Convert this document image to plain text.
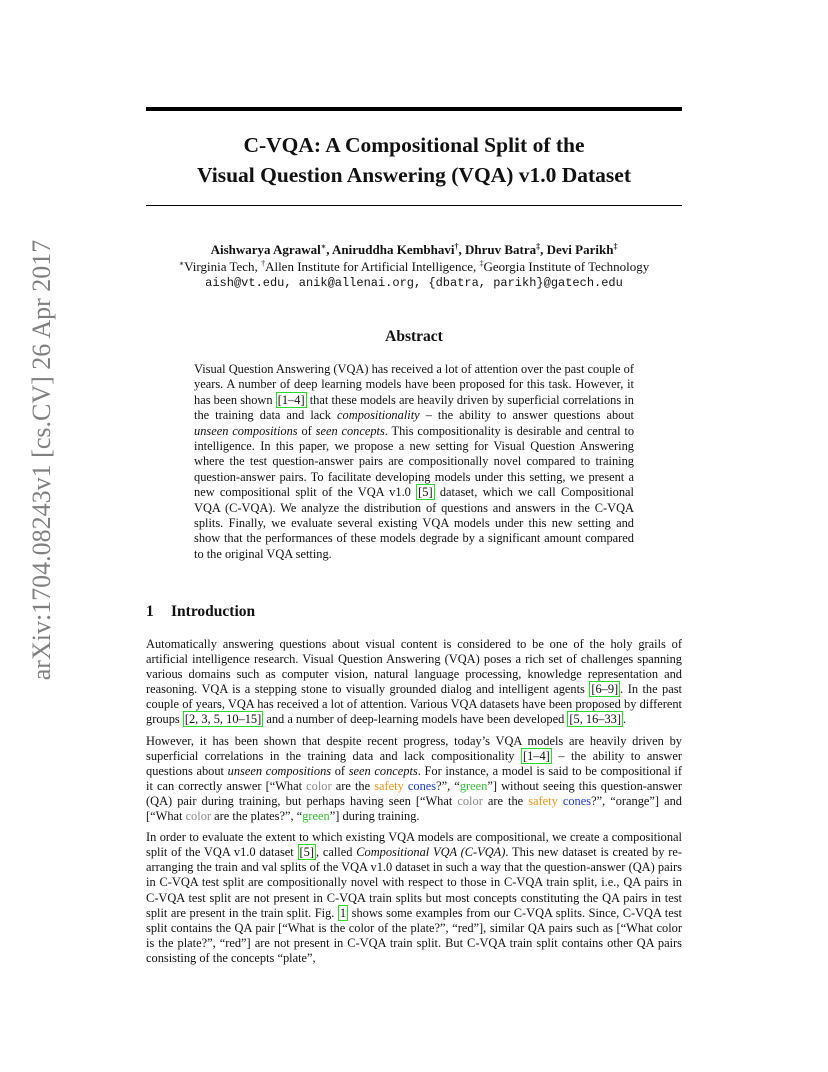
arXiv:1704.08243v1 [cs.CV] 26 Apr 2017
C-VQA: A Compositional Split of the
Visual Question Answering (VQA) v1.0 Dataset
Aishwarya Agrawal∗, Aniruddha Kembhavi†, Dhruv Batra‡, Devi Parikh‡
∗Virginia Tech, †Allen Institute for Artificial Intelligence, ‡Georgia Institute of Technology
aish@vt.edu, anik@allenai.org, {dbatra, parikh}@gatech.edu
Abstract

Visual Question Answering (VQA) has received a lot of attention over the past couple of years. A number of deep learning models have been proposed for this task. However, it has been shown [1–4] that these models are heavily driven by superficial correlations in the training data and lack compositionality – the ability to answer questions about unseen compositions of seen concepts. This compositionality is desirable and central to intelligence. In this paper, we propose a new setting for Visual Question Answering where the test question-answer pairs are compositionally novel compared to training question-answer pairs. To facilitate developing models under this setting, we present a new compositional split of the VQA v1.0 [5] dataset, which we call Compositional VQA (C-VQA). We analyze the distribution of questions and answers in the C-VQA splits. Finally, we evaluate several existing VQA models under this new setting and show that the performances of these models degrade by a significant amount compared to the original VQA setting.

1 Introduction

Automatically answering questions about visual content is considered to be one of the holy grails of artificial intelligence research. Visual Question Answering (VQA) poses a rich set of challenges spanning various domains such as computer vision, natural language processing, knowledge representation and reasoning. VQA is a stepping stone to visually grounded dialog and intelligent agents [6–9] . In the past couple of years, VQA has received a lot of attention. Various VQA datasets have been proposed by different groups [2, 3, 5, 10–15] and a number of deep-learning models have been developed [5, 16–33] .

However, it has been shown that despite recent progress, today’s VQA models are heavily driven by superficial correlations in the training data and lack compositionality [1–4] – the ability to answer questions about unseen compositions of seen concepts. For instance, a model is said to be compositional if it can correctly answer [“What color are the safety cones?”, “green”] without seeing this question-answer (QA) pair during training, but perhaps having seen [“What color are the safety cones?”, “orange”] and [“What color are the plates?”, “green”] during training.

In order to evaluate the extent to which existing VQA models are compositional, we create a compositional split of the VQA v1.0 dataset [5] , called Compositional VQA (C-VQA). This new dataset is created by re-arranging the train and val splits of the VQA v1.0 dataset in such a way that the question-answer (QA) pairs in C-VQA test split are compositionally novel with respect to those in C-VQA train split, i.e., QA pairs in C-VQA test split are not present in C-VQA train splits but most concepts constituting the QA pairs in test split are present in the train split. Fig. 1 shows some examples from our C-VQA splits. Since, C-VQA test split contains the QA pair [“What is the color of the plate?”, “red”], similar QA pairs such as [“What color is the plate?”, “red”] are not present in C-VQA train split. But C-VQA train split contains other QA pairs consisting of the concepts “plate”,
